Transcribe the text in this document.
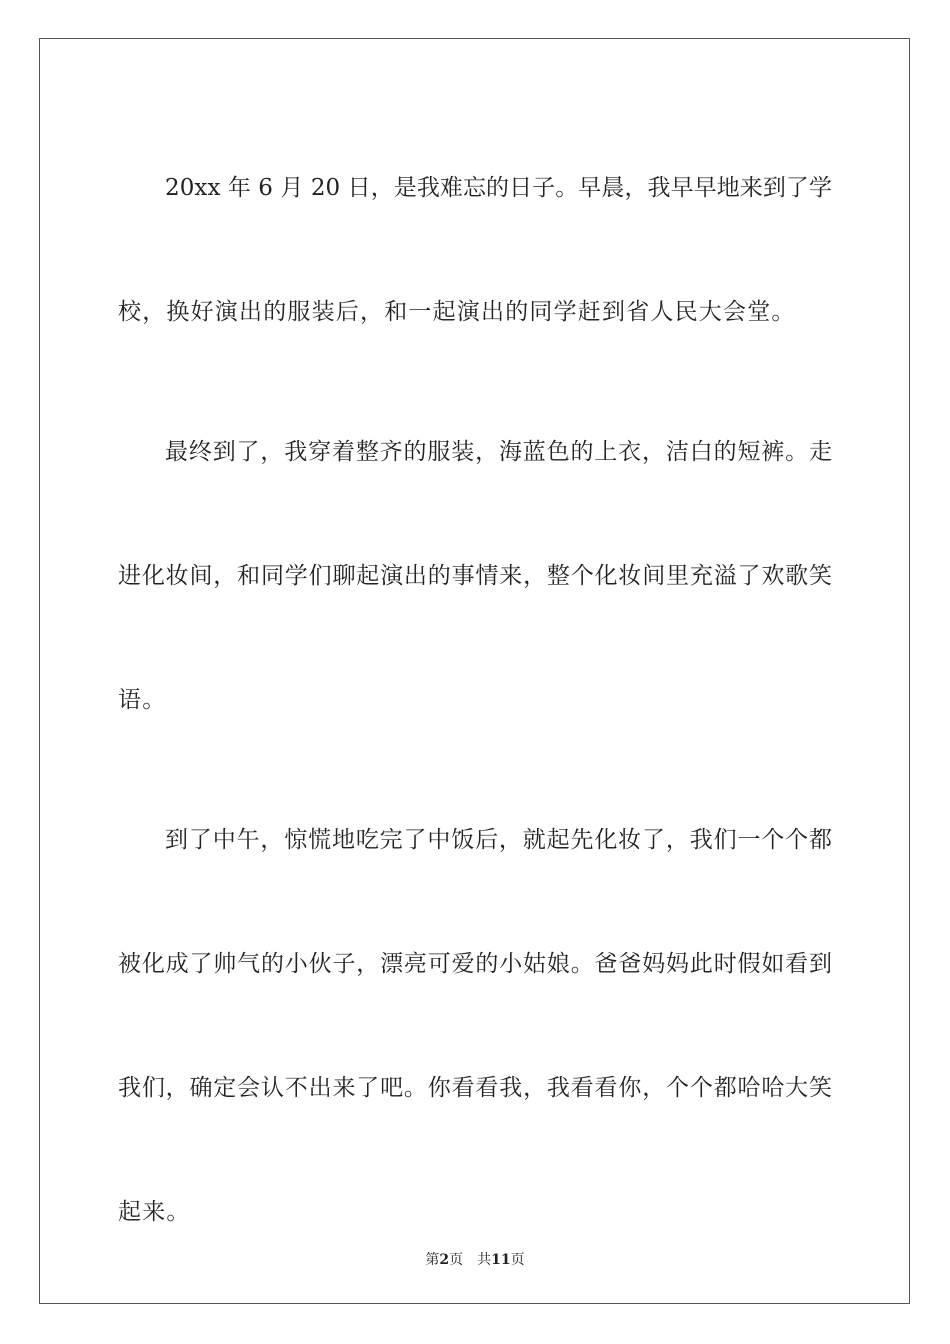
20xx 年 6 月 20 日，是我难忘的日子。早晨，我早早地来到了学
校，换好演出的服装后，和一起演出的同学赶到省人民大会堂。
最终到了，我穿着整齐的服装，海蓝色的上衣，洁白的短裤。走
进化妆间，和同学们聊起演出的事情来，整个化妆间里充溢了欢歌笑
语。
到了中午，惊慌地吃完了中饭后，就起先化妆了，我们一个个都
被化成了帅气的小伙子，漂亮可爱的小姑娘。爸爸妈妈此时假如看到
我们，确定会认不出来了吧。你看看我，我看看你，个个都哈哈大笑
起来。
第2页 共11页
